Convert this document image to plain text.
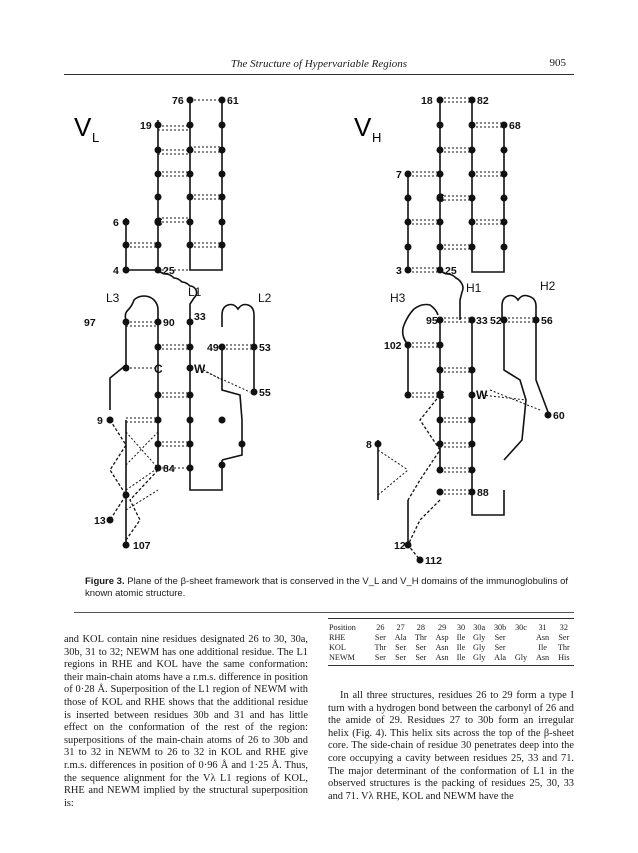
The Structure of Hypervariable Regions	905
V L
76	61
19
6
4	25
C
L1
L3	L2
97	90 33
49	53
55
C	W
9
84
13
107
V H
18	82
68
7
C
3	25
H1	H2
H3
95	33 52	56
102
C	W
60
8
88
12
112
Figure 3. Plane of the β-sheet framework that is conserved in the V_L and V_H domains of the immunoglobulins of known atomic structure.

and KOL contain nine residues designated 26 to 30, 30a, 30b, 31 to 32; NEWM has one additional residue. The L1 regions in RHE and KOL have the same conformation: their main-chain atoms have a r.m.s. difference in position of 0·28 Å. Superposition of the L1 region of NEWM with those of KOL and RHE shows that the additional residue is inserted between residues 30b and 31 and has little effect on the conformation of the rest of the region: superpositions of the main-chain atoms of 26 to 30b and 31 to 32 in NEWM to 26 to 32 in KOL and RHE give r.m.s. differences in position of 0·96 Å and 1·25 Å. Thus, the sequence alignment for the Vλ L1 regions of KOL, RHE and NEWM implied by the structural superposition is:

Position	26	27	28	29	30	30a	30b	30c	31	32
RHE	Ser	Ala	Thr	Asp	Ile	Gly	Ser		Asn	Ser
KOL	Thr	Ser	Ser	Asn	Ile	Gly	Ser		Ile	Thr
NEWM	Ser	Ser	Ser	Asn	Ile	Gly	Ala	Gly	Asn	His

In all three structures, residues 26 to 29 form a type I turn with a hydrogen bond between the carbonyl of 26 and the amide of 29. Residues 27 to 30b form an irregular helix (Fig. 4). This helix sits across the top of the β-sheet core. The side-chain of residue 30 penetrates deep into the core occupying a cavity between residues 25, 33 and 71. The major determinant of the conformation of L1 in the observed structures is the packing of residues 25, 30, 33 and 71. Vλ RHE, KOL and NEWM have the
